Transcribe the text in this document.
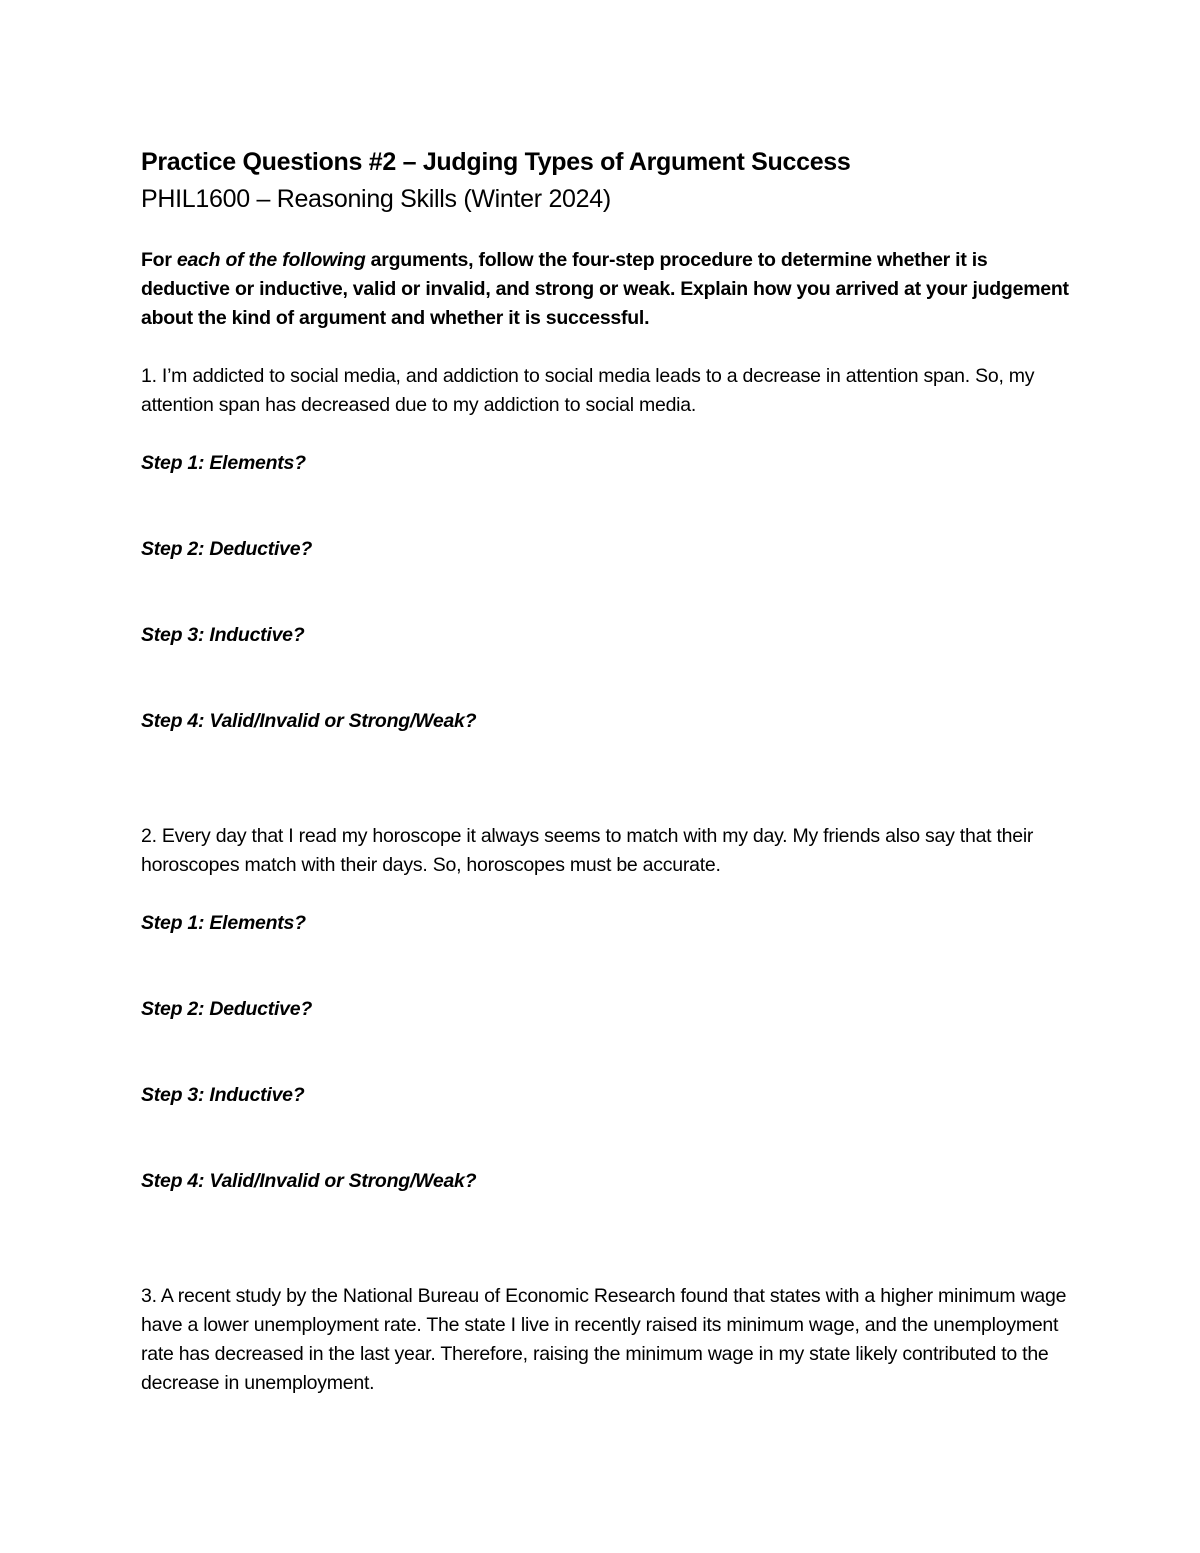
Practice Questions #2 – Judging Types of Argument Success

PHIL1600 – Reasoning Skills (Winter 2024)

For each of the following arguments, follow the four-step procedure to determine whether it is deductive or inductive, valid or invalid, and strong or weak. Explain how you arrived at your judgement about the kind of argument and whether it is successful.

1. I’m addicted to social media, and addiction to social media leads to a decrease in attention span. So, my attention span has decreased due to my addiction to social media.

Step 1: Elements?

Step 2: Deductive?

Step 3: Inductive?

Step 4: Valid/Invalid or Strong/Weak?

2. Every day that I read my horoscope it always seems to match with my day. My friends also say that their horoscopes match with their days. So, horoscopes must be accurate.

Step 1: Elements?

Step 2: Deductive?

Step 3: Inductive?

Step 4: Valid/Invalid or Strong/Weak?

3. A recent study by the National Bureau of Economic Research found that states with a higher minimum wage have a lower unemployment rate. The state I live in recently raised its minimum wage, and the unemployment rate has decreased in the last year. Therefore, raising the minimum wage in my state likely contributed to the decrease in unemployment.
